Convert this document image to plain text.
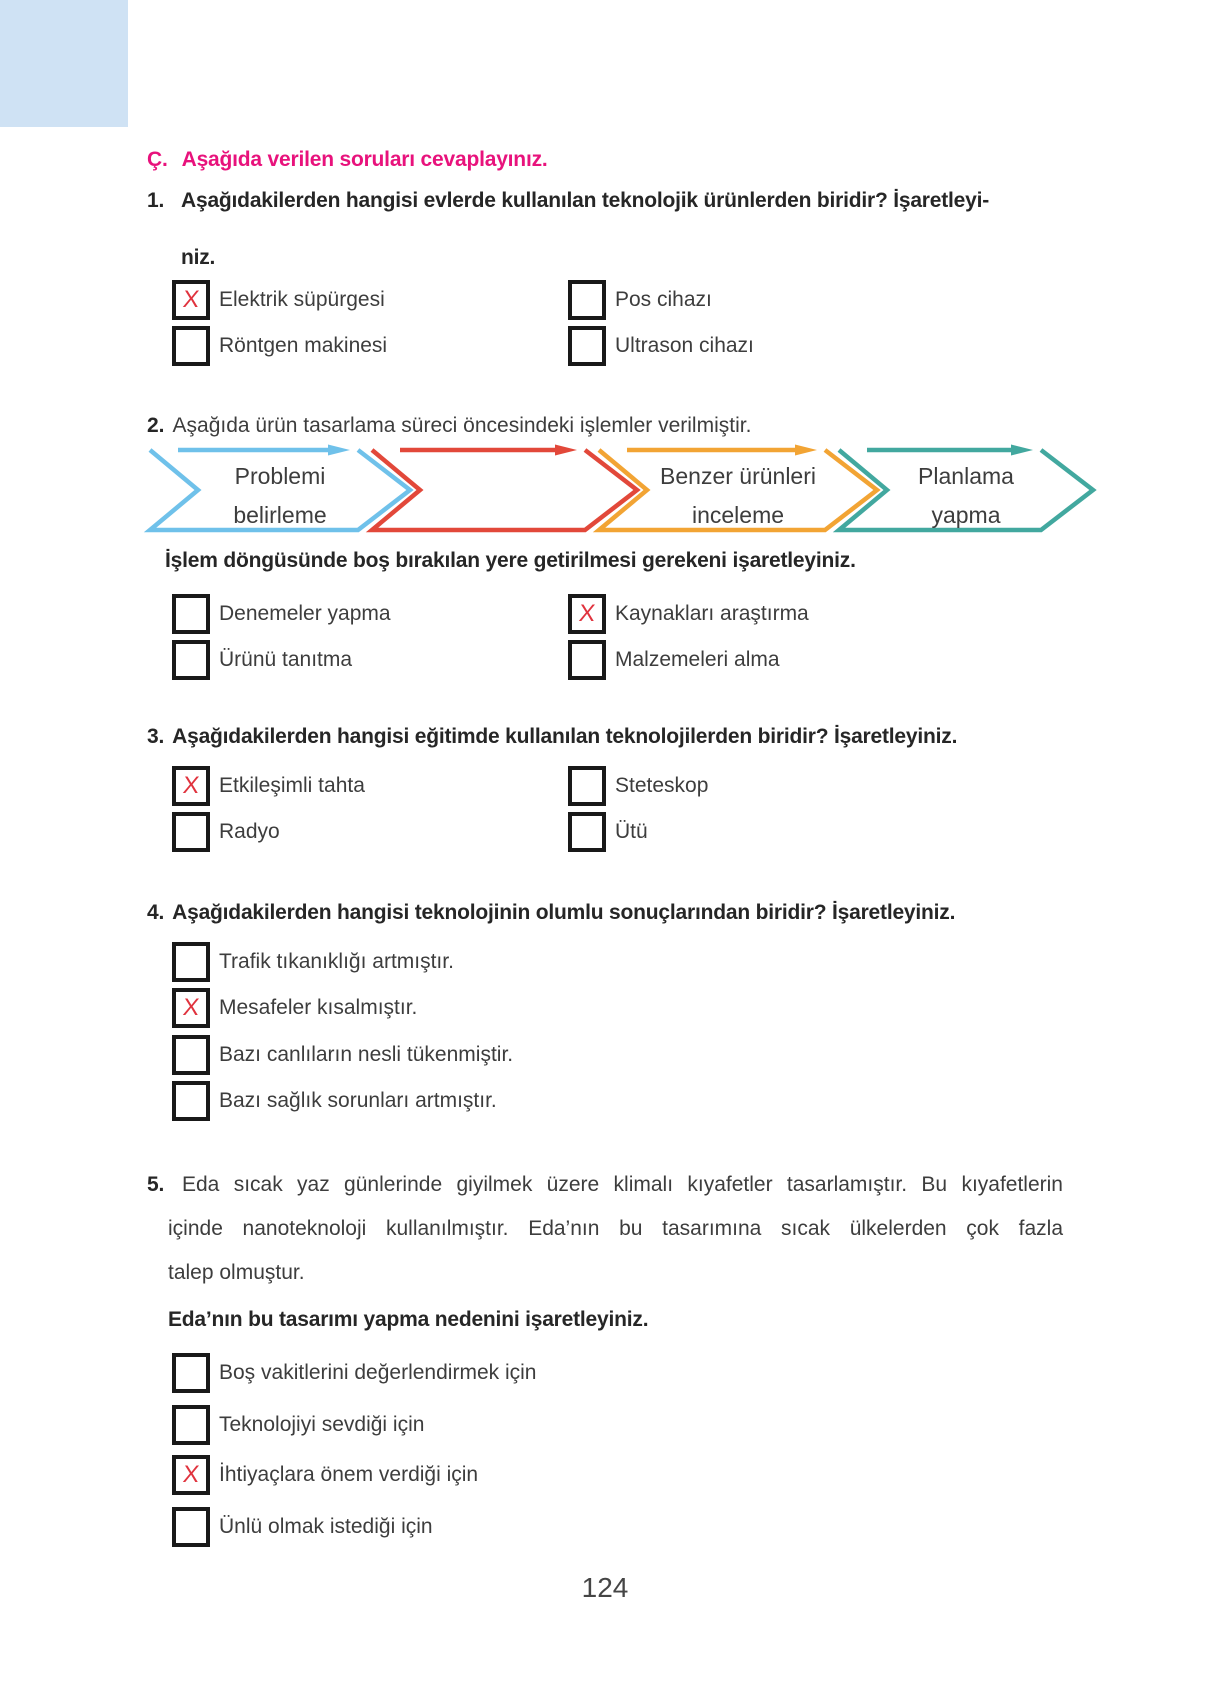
Ç. Aşağıda verilen soruları cevaplayınız.
1. Aşağıdakilerden hangisi evlerde kullanılan teknolojik ürünlerden biridir? İşaretleyi-
niz.
X Elektrik süpürgesi
Röntgen makinesi
Pos cihazı
Ultrason cihazı
2. Aşağıda ürün tasarlama süreci öncesindeki işlemler verilmiştir.
Problemi
belirleme
Benzer ürünleri
inceleme
Planlama
yapma
İşlem döngüsünde boş bırakılan yere getirilmesi gerekeni işaretleyiniz.
Denemeler yapma
Ürünü tanıtma
X Kaynakları araştırma
Malzemeleri alma
3. Aşağıdakilerden hangisi eğitimde kullanılan teknolojilerden biridir? İşaretleyiniz.
X Etkileşimli tahta
Radyo
Steteskop
Ütü
4. Aşağıdakilerden hangisi teknolojinin olumlu sonuçlarından biridir? İşaretleyiniz.
Trafik tıkanıklığı artmıştır.
X Mesafeler kısalmıştır.
Bazı canlıların nesli tükenmiştir.
Bazı sağlık sorunları artmıştır.
5. Eda sıcak yaz günlerinde giyilmek üzere klimalı kıyafetler tasarlamıştır. Bu kıyafetlerin
içinde nanoteknoloji kullanılmıştır. Eda’nın bu tasarımına sıcak ülkelerden çok fazla
talep olmuştur.
Eda’nın bu tasarımı yapma nedenini işaretleyiniz.
Boş vakitlerini değerlendirmek için
Teknolojiyi sevdiği için
X İhtiyaçlara önem verdiği için
Ünlü olmak istediği için
124
